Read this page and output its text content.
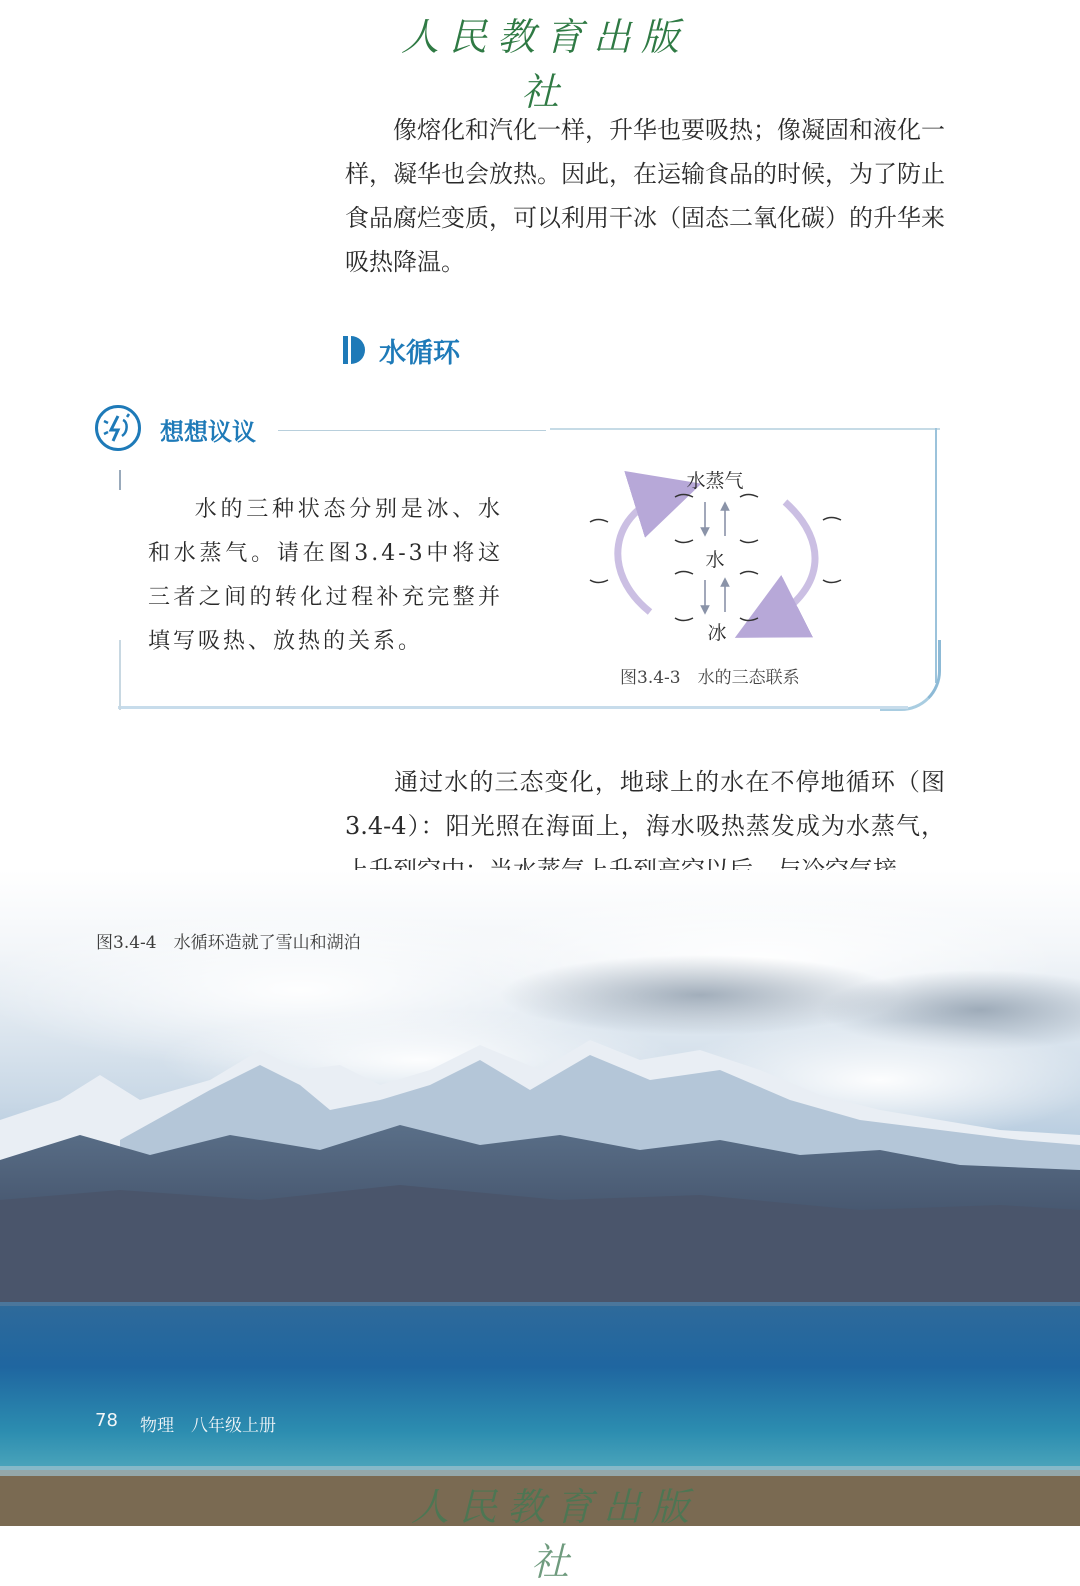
人民教育出版社

像熔化和汽化一样，升华也要吸热；像凝固和液化一样，凝华也会放热。因此，在运输食品的时候，为了防止食品腐烂变质，可以利用干冰（固态二氧化碳）的升华来吸热降温。

水循环
想想议议

水的三种状态分别是冰、水和水蒸气。请在图3.4-3中将这三者之间的转化过程补充完整并填写吸热、放热的关系。

水蒸气
水
冰
图3.4-3　水的三态联系

通过水的三态变化，地球上的水在不停地循环（图3.4-4）：阳光照在海面上，海水吸热蒸发成为水蒸气，

图3.4-4　水循环造就了雪山和湖泊
78 物理　八年级上册
人民教育出版社
